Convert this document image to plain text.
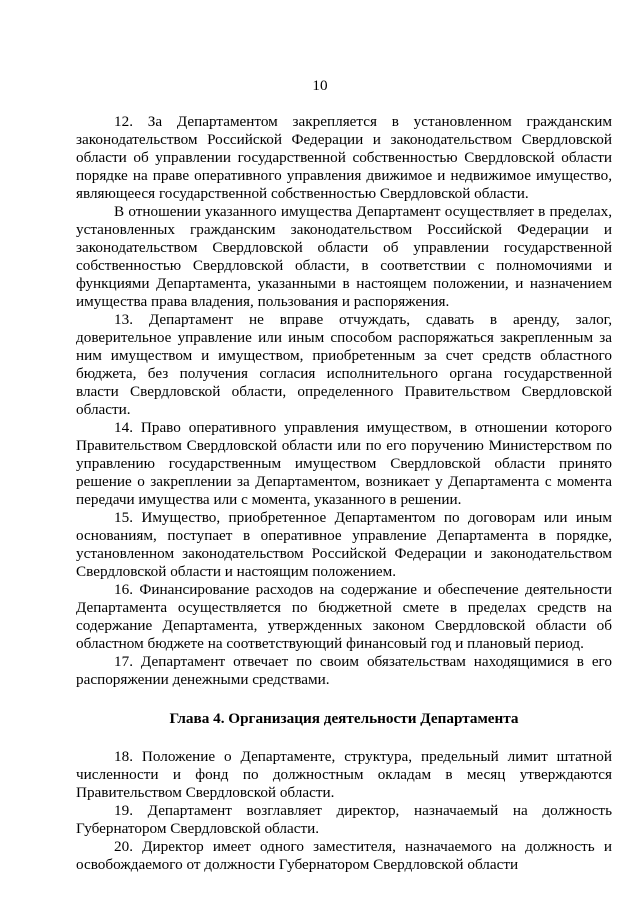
10

12. За Департаментом закрепляется в установленном гражданским законодательством Российской Федерации и законодательством Свердловской области об управлении государственной собственностью Свердловской области порядке на праве оперативного управления движимое и недвижимое имущество, являющееся государственной собственностью Свердловской области.

В отношении указанного имущества Департамент осуществляет в пределах, установленных гражданским законодательством Российской Федерации и законодательством Свердловской области об управлении государственной собственностью Свердловской области, в соответствии с полномочиями и функциями Департамента, указанными в настоящем положении, и назначением имущества права владения, пользования и распоряжения.

13. Департамент не вправе отчуждать, сдавать в аренду, залог, доверительное управление или иным способом распоряжаться закрепленным за ним имуществом и имуществом, приобретенным за счет средств областного бюджета, без получения согласия исполнительного органа государственной власти Свердловской области, определенного Правительством Свердловской области.

14. Право оперативного управления имуществом, в отношении которого Правительством Свердловской области или по его поручению Министерством по управлению государственным имуществом Свердловской области принято решение о закреплении за Департаментом, возникает у Департамента с момента передачи имущества или с момента, указанного в решении.

15. Имущество, приобретенное Департаментом по договорам или иным основаниям, поступает в оперативное управление Департамента в порядке, установленном законодательством Российской Федерации и законодательством Свердловской области и настоящим положением.

16. Финансирование расходов на содержание и обеспечение деятельности Департамента осуществляется по бюджетной смете в пределах средств на содержание Департамента, утвержденных законом Свердловской области об областном бюджете на соответствующий финансовый год и плановый период.

17. Департамент отвечает по своим обязательствам находящимися в его распоряжении денежными средствами.

Глава 4. Организация деятельности Департамента

18. Положение о Департаменте, структура, предельный лимит штатной численности и фонд по должностным окладам в месяц утверждаются Правительством Свердловской области.

19. Департамент возглавляет директор, назначаемый на должность Губернатором Свердловской области.

20. Директор имеет одного заместителя, назначаемого на должность и освобождаемого от должности Губернатором Свердловской области
